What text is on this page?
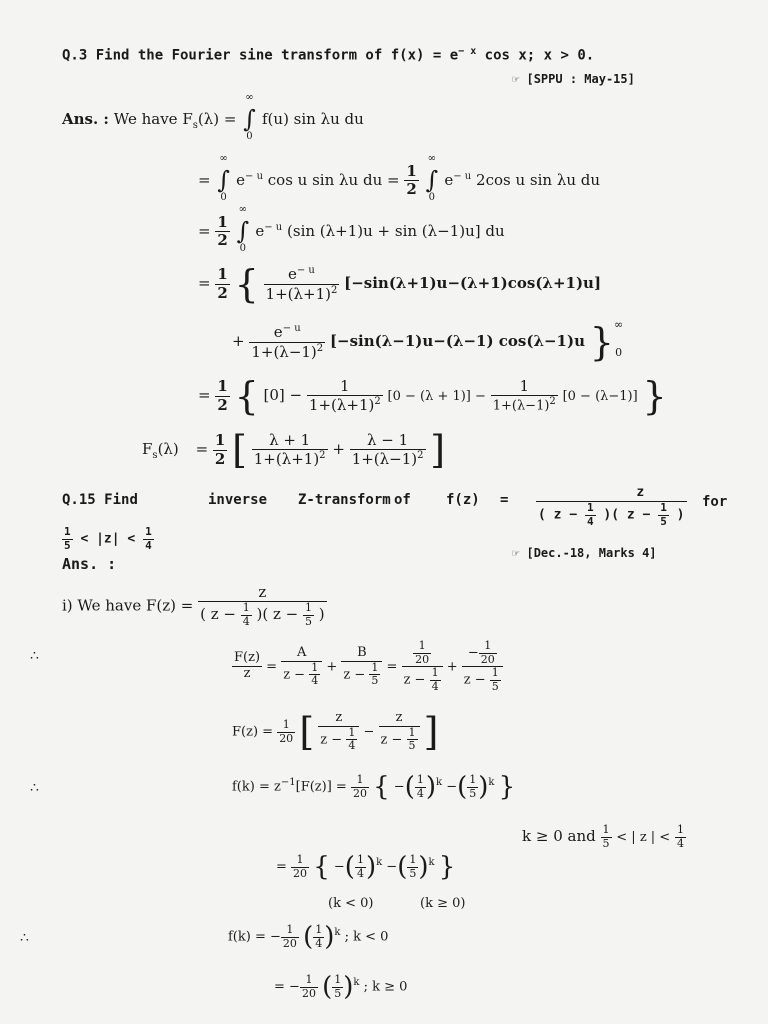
Q.3 Find the Fourier sine transform of $f(x) = e^{- x}$ cos x; x > 0.
☞ [SPPU : May-15]
Ans. : We have $F_s(\lambda)$ = ∫
∞
0
f(u) sin λu du
= ∫
∞
0
$e^{- u}$ cos u sin λu du = $\frac{1}{2}$
∫
∞
0
$e^{- u}$ 2cos u sin λu du
= $\frac{1}{2}$
∫
∞
0
$e^{- u}$ (sin (λ+1)u + sin (λ−1)u] du
= $\frac{1}{2}$ { $\frac{e^{- u}}{1+(\lambda+1)^2} [-\sin(\lambda+1)u-(\lambda+1)\cos(\lambda+1)u]$
+ $\frac{e^{- u}}{1+(\lambda-1)^2} [-\sin(\lambda-1)u-(\lambda-1)$ cos(λ−1)u }$^\infty_0$
= $\frac{1}{2}$ { $[0] - \frac{1}{1+(\lambda+1)^2} [0 - (\lambda + 1)] - \frac{1}{1+(\lambda-1)^2} [0 - (\lambda-1)]$ }
$F_s(\lambda) = \frac{1}{2}$ [ $\frac{\lambda + 1}{1+(\lambda+1)^2} + \frac{\lambda - 1}{1+(\lambda-1)^2}$ ]
Q.15 Find	inverse Z-transform of	$f(z) = \frac{z}{( z - \frac{1}{4} )( z - \frac{1}{5} )}$ for
$\frac{1}{5} < |z| < \frac{1}{4}$
☞ [Dec.-18, Marks 4]
Ans. :
i) We have $F(z) = \frac{z}{( z - \frac{1}{4} )( z - \frac{1}{5} )}$
∴	$\frac{F(z)}{z} = \frac{A}{z - \frac{1}{4}} + \frac{B}{z - \frac{1}{5}} = \frac{\frac{1}{20}}{z - \frac{1}{4}} + \frac{- \frac{1}{20}}{z - \frac{1}{5}}$
$F(z) = \frac{1}{20}$ [ $\frac{z}{z - \frac{1}{4}} - \frac{z}{z - \frac{1}{5}}$ ]
∴	$f(k) = z^{-1}[F(z)] = \frac{1}{20}$ { −( $\frac{1}{4} )^k$ −( $\frac{1}{5} )^k$ }
k ≥ 0 and $\frac{1}{5}$ < | z | < $\frac{1}{4}$
= $\frac{1}{20}$ { −( $\frac{1}{4} )^k$ −( $\frac{1}{5} )^k$ }
(k < 0)	(k ≥ 0)
∴	f(k) = − $\frac{1}{20}$ ( $\frac{1}{4} )^k$ ; k < 0
= − $\frac{1}{20}$ ( $\frac{1}{5} )^k$ ; k ≥ 0
